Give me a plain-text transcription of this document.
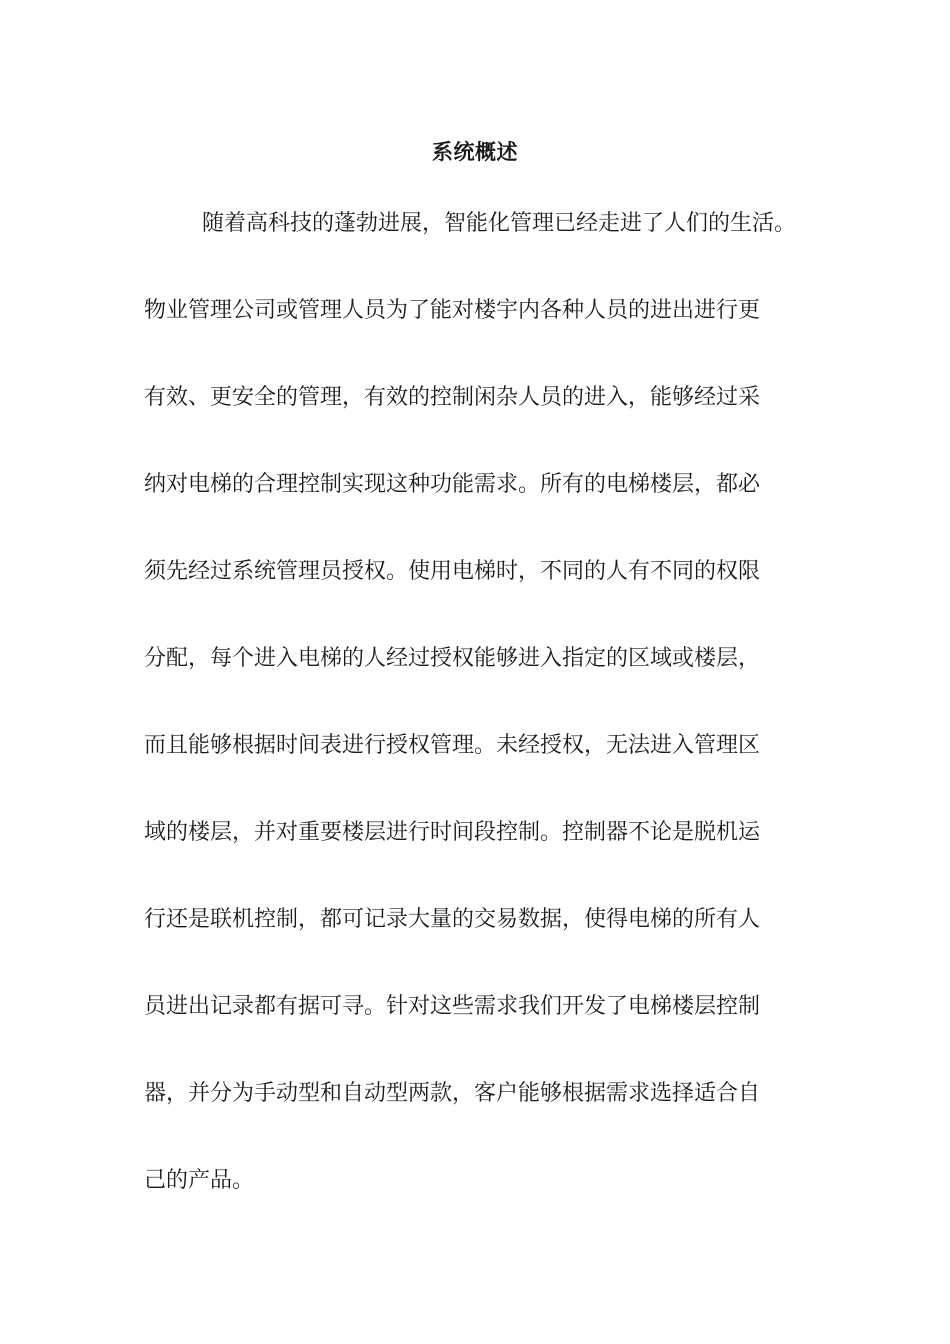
系统概述
随着高科技的蓬勃进展，智能化管理已经走进了人们的生活。
物业管理公司或管理人员为了能对楼宇内各种人员的进出进行更
有效、更安全的管理，有效的控制闲杂人员的进入，能够经过采
纳对电梯的合理控制实现这种功能需求。所有的电梯楼层，都必
须先经过系统管理员授权。使用电梯时，不同的人有不同的权限
分配，每个进入电梯的人经过授权能够进入指定的区域或楼层，
而且能够根据时间表进行授权管理。未经授权，无法进入管理区
域的楼层，并对重要楼层进行时间段控制。控制器不论是脱机运
行还是联机控制，都可记录大量的交易数据，使得电梯的所有人
员进出记录都有据可寻。针对这些需求我们开发了电梯楼层控制
器，并分为手动型和自动型两款，客户能够根据需求选择适合自
己的产品。
